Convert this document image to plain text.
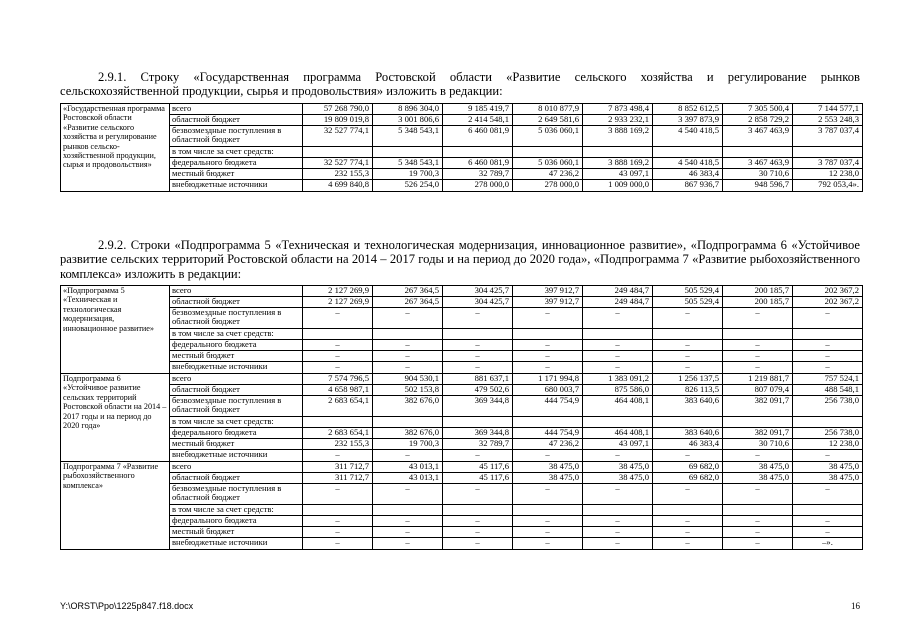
2.9.1. Строку «Государственная программа Ростовской области «Развитие сельского хозяйства и регулирование рынков сельскохозяйственной продукции, сырья и продовольствия» изложить в редакции:

«Государственная программа Ростовской области «Развитие сельского хозяйства и регулирование рынков сельско-хозяйственной продукции, сырья и продовольствия»	всего	57 268 790,0	8 896 304,0	9 185 419,7	8 010 877,9	7 873 498,4	8 852 612,5	7 305 500,4	7 144 577,1
	областной бюджет	19 809 019,8	3 001 806,6	2 414 548,1	2 649 581,6	2 933 232,1	3 397 873,9	2 858 729,2	2 553 248,3
	безвозмездные поступления в областной бюджет	32 527 774,1	5 348 543,1	6 460 081,9	5 036 060,1	3 888 169,2	4 540 418,5	3 467 463,9	3 787 037,4
	в том числе за счет средств:								
	федерального бюджета	32 527 774,1	5 348 543,1	6 460 081,9	5 036 060,1	3 888 169,2	4 540 418,5	3 467 463,9	3 787 037,4
	местный бюджет	232 155,3	19 700,3	32 789,7	47 236,2	43 097,1	46 383,4	30 710,6	12 238,0
	внебюджетные источники	4 699 840,8	526 254,0	278 000,0	278 000,0	1 009 000,0	867 936,7	948 596,7	792 053,4».

2.9.2. Строки «Подпрограмма 5 «Техническая и технологическая модернизация, инновационное развитие», «Подпрограмма 6 «Устойчивое развитие сельских территорий Ростовской области на 2014 – 2017 годы и на период до 2020 года», «Подпрограмма 7 «Развитие рыбохозяйственного комплекса» изложить в редакции:

«Подпрограмма 5 «Техническая и технологическая модернизация, инновационное развитие»	всего	2 127 269,9	267 364,5	304 425,7	397 912,7	249 484,7	505 529,4	200 185,7	202 367,2
	областной бюджет	2 127 269,9	267 364,5	304 425,7	397 912,7	249 484,7	505 529,4	200 185,7	202 367,2
	безвозмездные поступления в областной бюджет	–	–	–	–	–	–	–	–
	в том числе за счет средств:								
	федерального бюджета	–	–	–	–	–	–	–	–
	местный бюджет	–	–	–	–	–	–	–	–
	внебюджетные источники	–	–	–	–	–	–	–	–
Подпрограмма 6 «Устойчивое развитие сельских территорий Ростовской области на 2014 – 2017 годы и на период до 2020 года»	всего	7 574 796,5	904 530,1	881 637,1	1 171 994,8	1 383 091,2	1 256 137,5	1 219 881,7	757 524,1
	областной бюджет	4 658 987,1	502 153,8	479 502,6	680 003,7	875 586,0	826 113,5	807 079,4	488 548,1
	безвозмездные поступления в областной бюджет	2 683 654,1	382 676,0	369 344,8	444 754,9	464 408,1	383 640,6	382 091,7	256 738,0
	в том числе за счет средств:								
	федерального бюджета	2 683 654,1	382 676,0	369 344,8	444 754,9	464 408,1	383 640,6	382 091,7	256 738,0
	местный бюджет	232 155,3	19 700,3	32 789,7	47 236,2	43 097,1	46 383,4	30 710,6	12 238,0
	внебюджетные источники	–	–	–	–	–	–	–	–
Подпрограмма 7 «Развитие рыбохозяйственного комплекса»	всего	311 712,7	43 013,1	45 117,6	38 475,0	38 475,0	69 682,0	38 475,0	38 475,0
	областной бюджет	311 712,7	43 013,1	45 117,6	38 475,0	38 475,0	69 682,0	38 475,0	38 475,0
	безвозмездные поступления в областной бюджет	–	–	–	–	–	–	–	–
	в том числе за счет средств:								
	федерального бюджета	–	–	–	–	–	–	–	–
	местный бюджет	–	–	–	–	–	–	–	–
	внебюджетные источники	–	–	–	–	–	–	–	–».
Y:\ORST\Ppo\1225p847.f18.docx	16
